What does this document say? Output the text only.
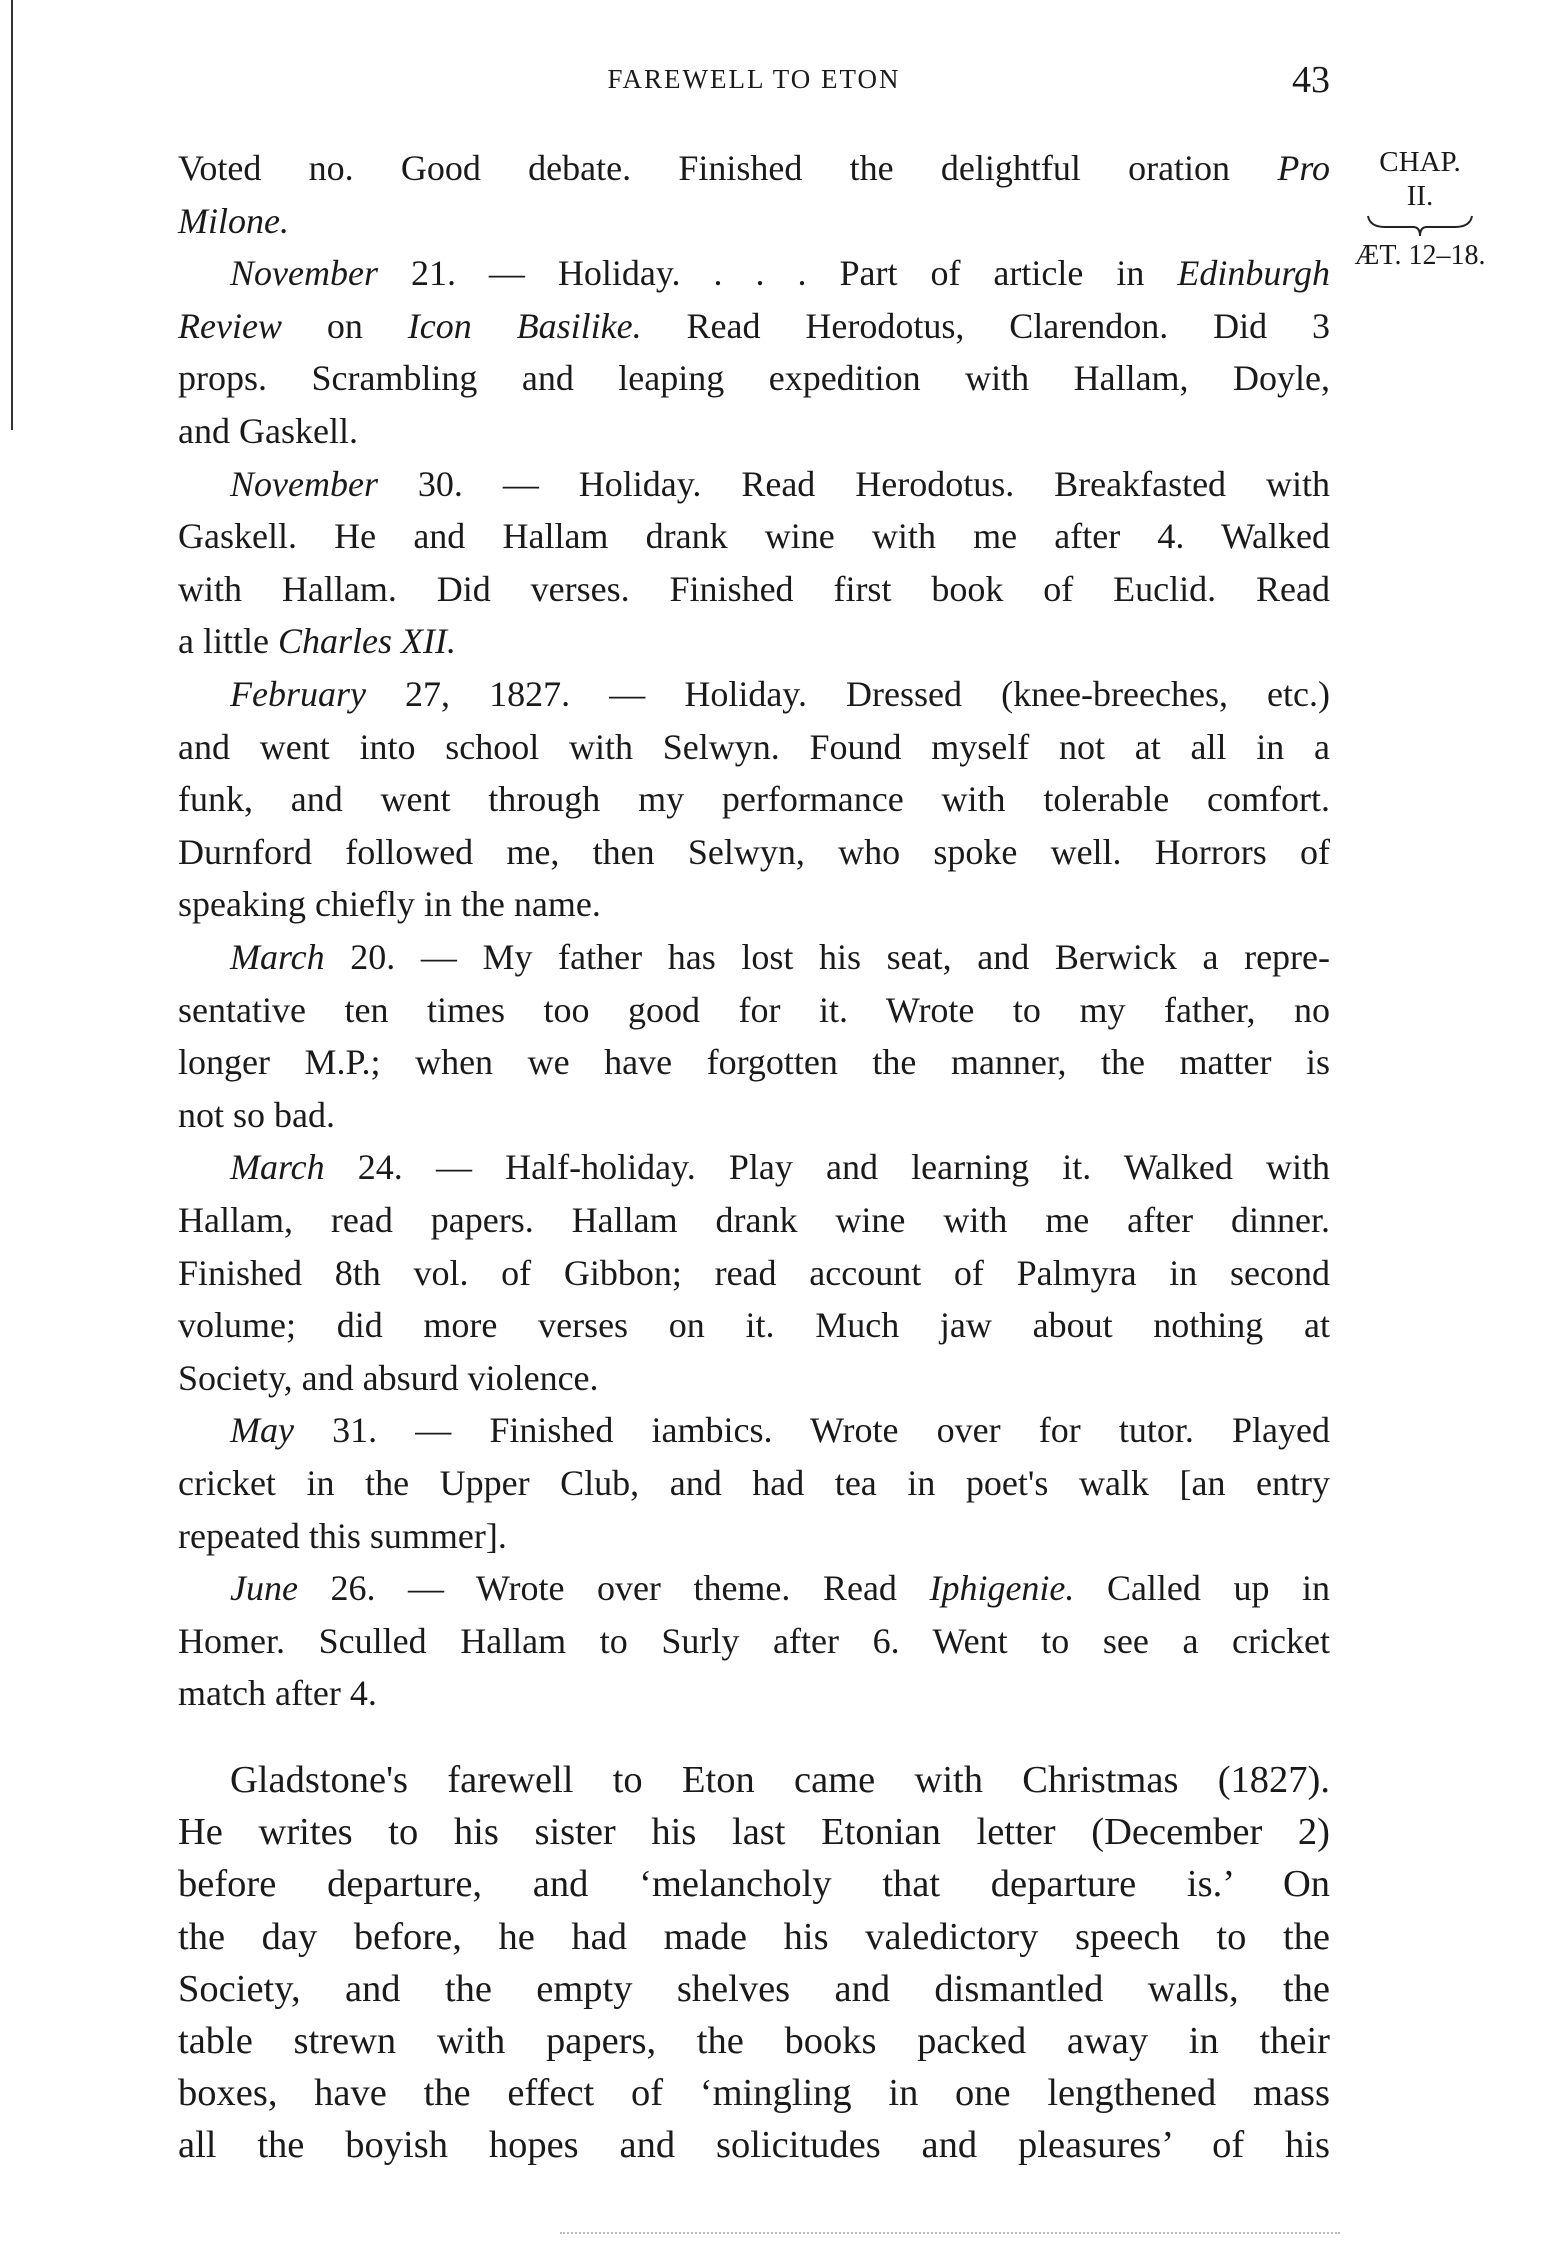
FAREWELL TO ETON	43
CHAP.
II.
ÆT. 12–18.
Voted no. Good debate. Finished the delightful oration Pro
Milone.
November 21. — Holiday. . . . Part of article in Edinburgh
Review on Icon Basilike. Read Herodotus, Clarendon. Did 3
props. Scrambling and leaping expedition with Hallam, Doyle,
and Gaskell.
November 30. — Holiday. Read Herodotus. Breakfasted with
Gaskell. He and Hallam drank wine with me after 4. Walked
with Hallam. Did verses. Finished first book of Euclid. Read
a little Charles XII.
February 27, 1827. — Holiday. Dressed (knee-breeches, etc.)
and went into school with Selwyn. Found myself not at all in a
funk, and went through my performance with tolerable comfort.
Durnford followed me, then Selwyn, who spoke well. Horrors of
speaking chiefly in the name.
March 20. — My father has lost his seat, and Berwick a repre-
sentative ten times too good for it. Wrote to my father, no
longer M.P.; when we have forgotten the manner, the matter is
not so bad.
March 24. — Half-holiday. Play and learning it. Walked with
Hallam, read papers. Hallam drank wine with me after dinner.
Finished 8th vol. of Gibbon; read account of Palmyra in second
volume; did more verses on it. Much jaw about nothing at
Society, and absurd violence.
May 31. — Finished iambics. Wrote over for tutor. Played
cricket in the Upper Club, and had tea in poet's walk [an entry
repeated this summer].
June 26. — Wrote over theme. Read Iphigenie. Called up in
Homer. Sculled Hallam to Surly after 6. Went to see a cricket
match after 4.
Gladstone's farewell to Eton came with Christmas (1827).
He writes to his sister his last Etonian letter (December 2)
before departure, and ‘melancholy that departure is.’ On
the day before, he had made his valedictory speech to the
Society, and the empty shelves and dismantled walls, the
table strewn with papers, the books packed away in their
boxes, have the effect of ‘mingling in one lengthened mass
all the boyish hopes and solicitudes and pleasures’ of his
